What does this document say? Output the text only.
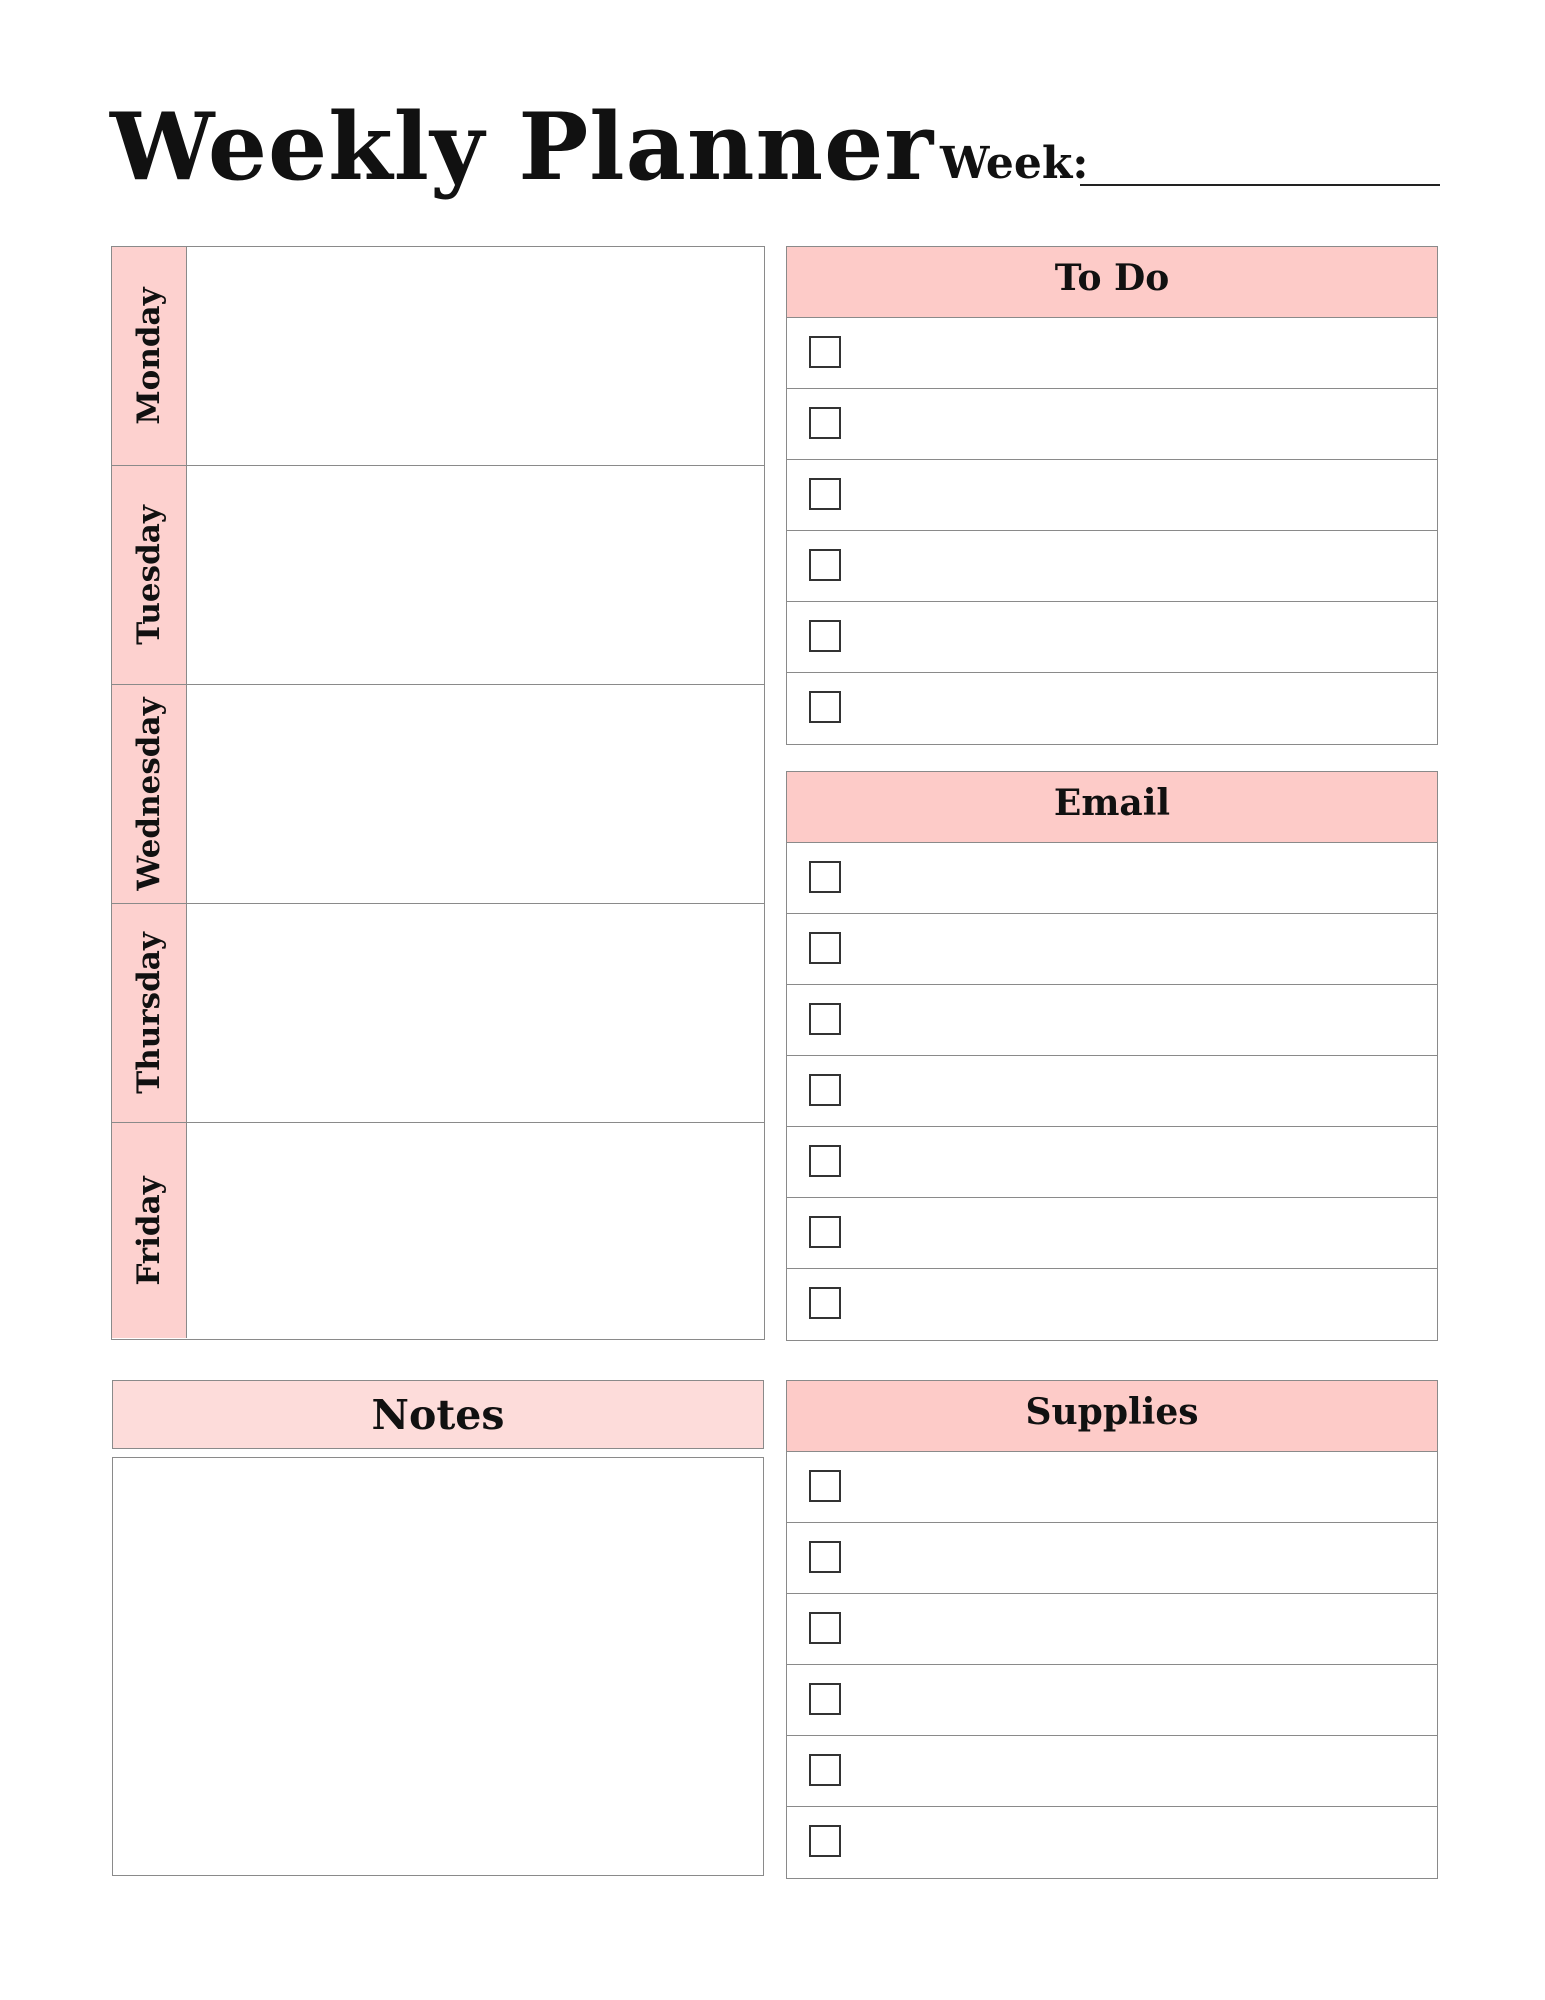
Weekly Planner Week:
Monday
Tuesday
Wednesday
Thursday
Friday
To Do
Email
Supplies
Notes
